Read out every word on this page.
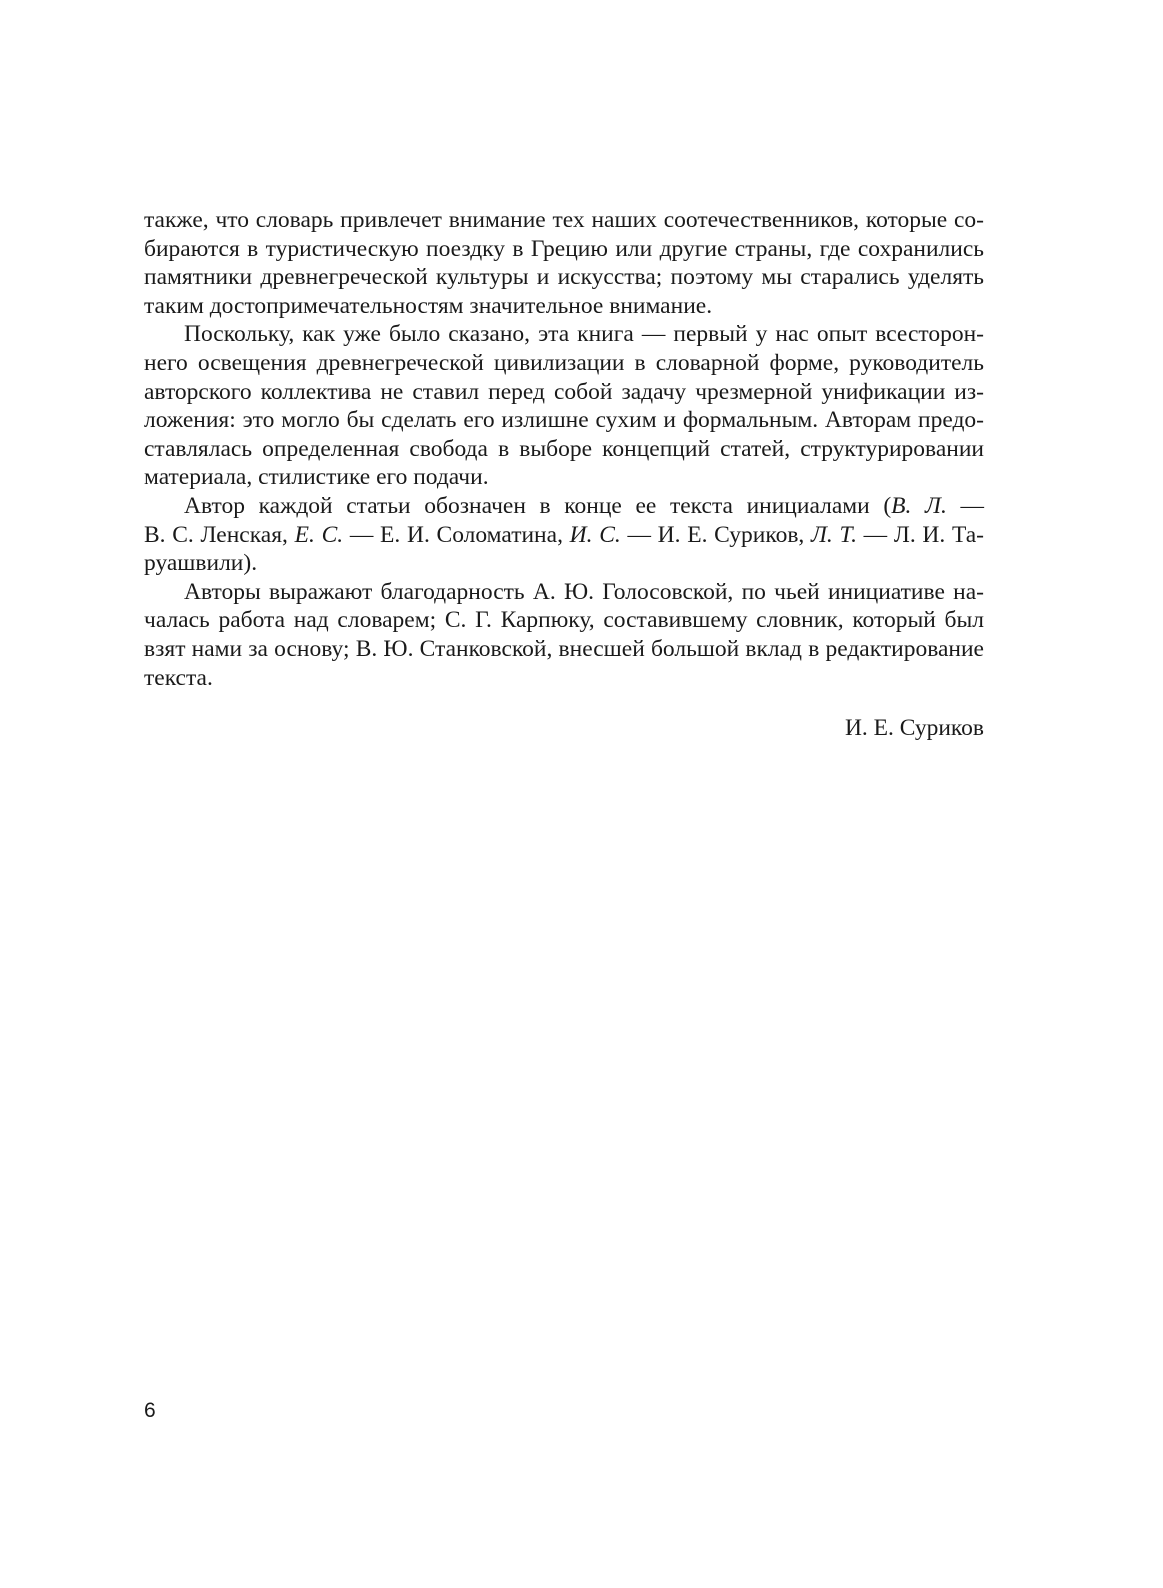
также, что словарь привлечет внимание тех наших соотечественников, которые со-
бираются в туристическую поездку в Грецию или другие страны, где сохранились
памятники древнегреческой культуры и искусства; поэтому мы старались уделять
таким достопримечательностям значительное внимание.

Поскольку, как уже было сказано, эта книга — первый у нас опыт всесторон-
него освещения древнегреческой цивилизации в словарной форме, руководитель
авторского коллектива не ставил перед собой задачу чрезмерной унификации из-
ложения: это могло бы сделать его излишне сухим и формальным. Авторам предо-
ставлялась определенная свобода в выборе концепций статей, структурировании
материала, стилистике его подачи.

Автор каждой статьи обозначен в конце ее текста инициалами (В. Л. —
В. С. Ленская, Е. С. — Е. И. Соломатина, И. С. — И. Е. Суриков, Л. Т. — Л. И. Та-
руашвили).

Авторы выражают благодарность А. Ю. Голосовской, по чьей инициативе на-
чалась работа над словарем; С. Г. Карпюку, составившему словник, который был
взят нами за основу; В. Ю. Станковской, внесшей большой вклад в редактирование
текста.

И. Е. Суриков
6
